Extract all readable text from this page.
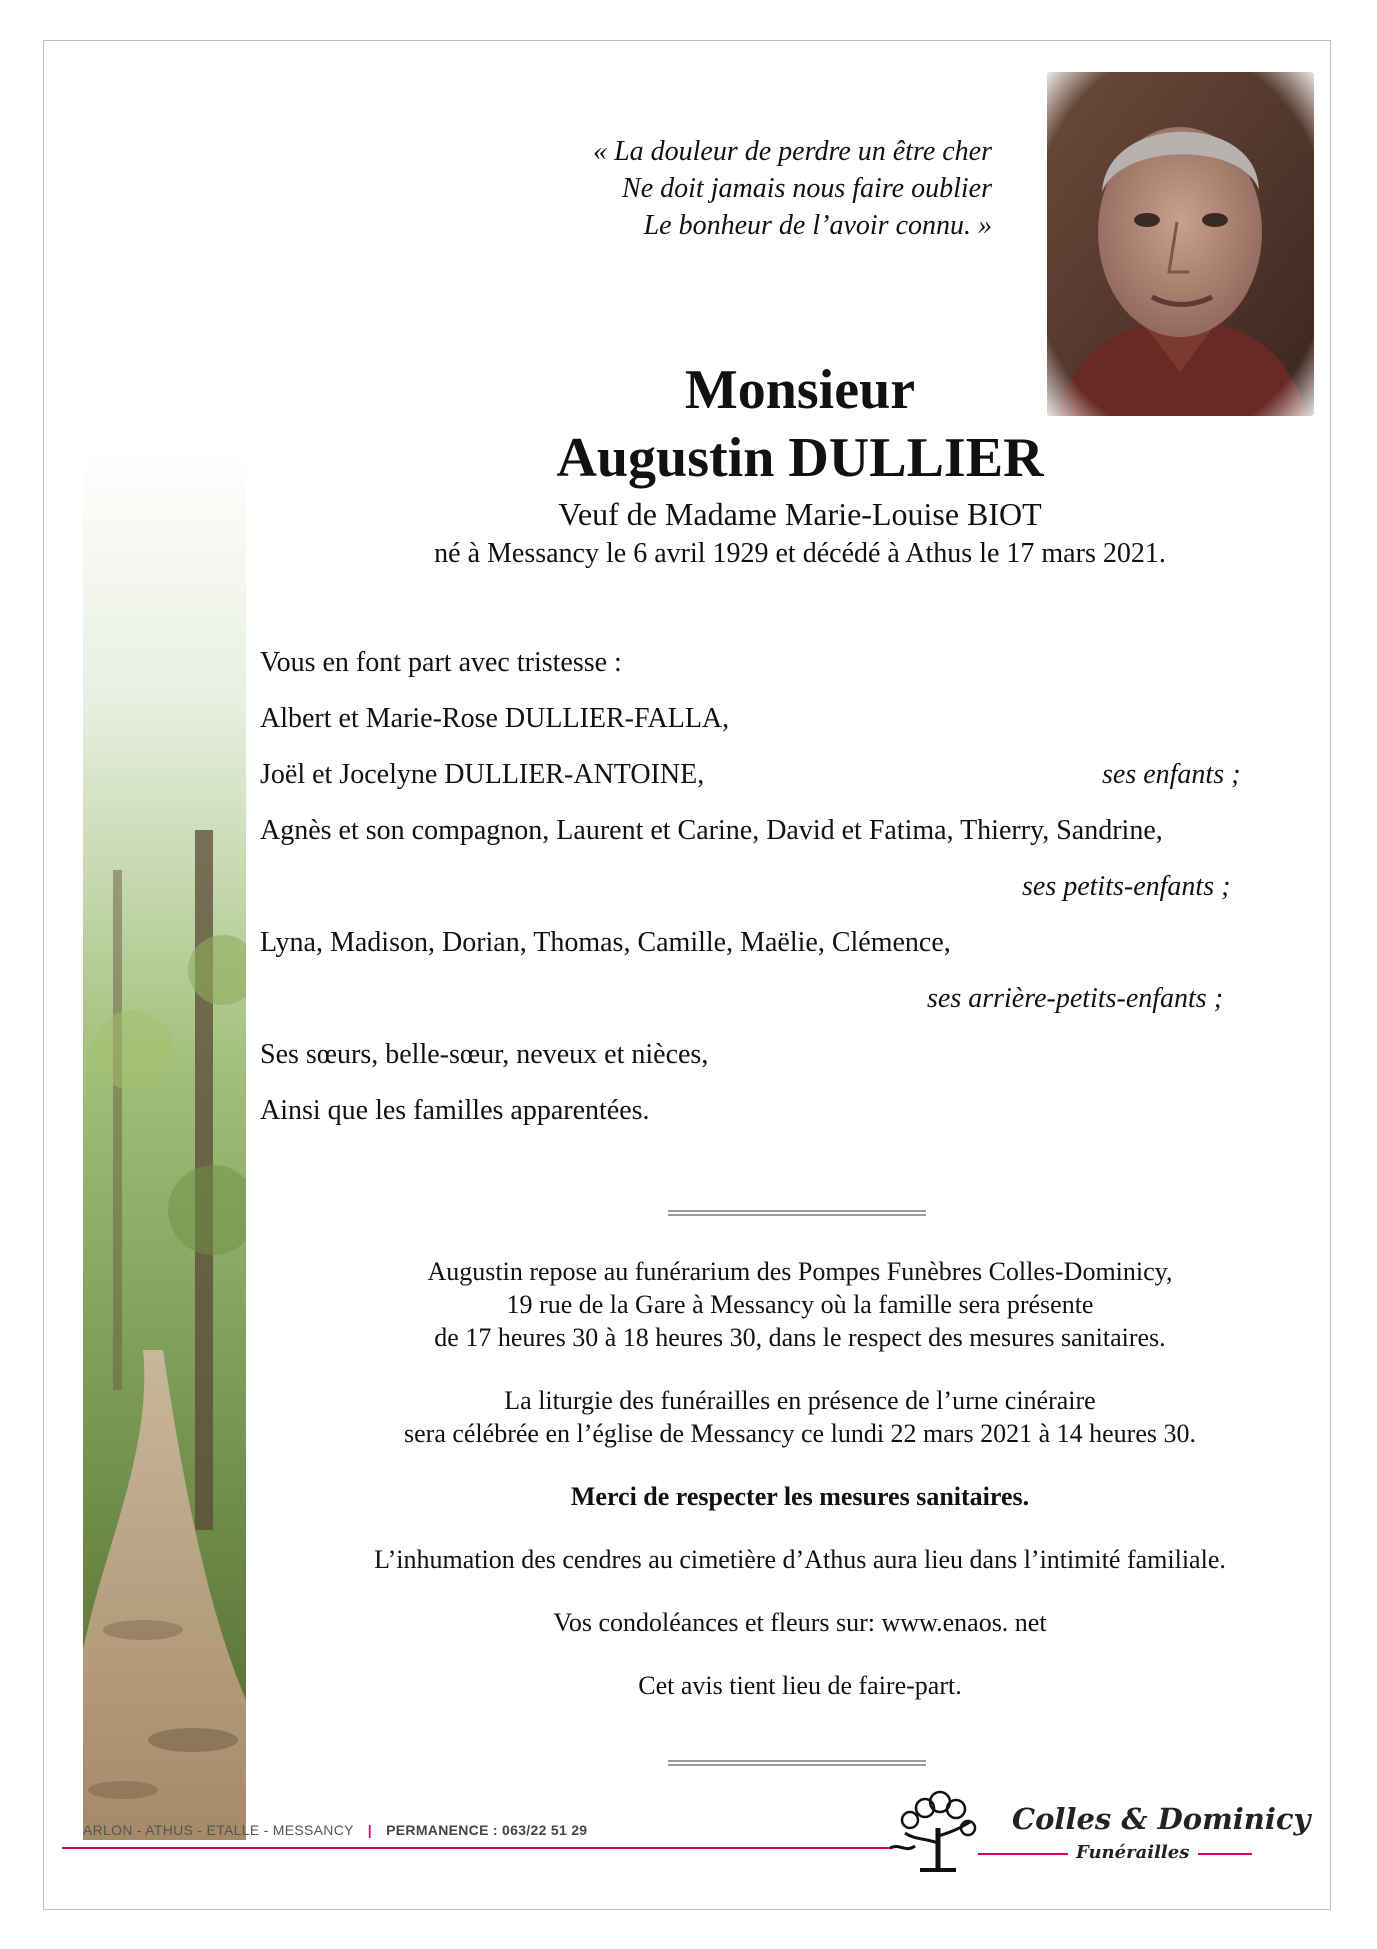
« La douleur de perdre un être cher
Ne doit jamais nous faire oublier
Le bonheur de l’avoir connu. »
Monsieur
Augustin DULLIER
Veuf de Madame Marie-Louise BIOT
né à Messancy le 6 avril 1929 et décédé à Athus le 17 mars 2021.
Vous en font part avec tristesse :
Albert et Marie-Rose DULLIER-FALLA,
Joël et Jocelyne DULLIER-ANTOINE,	ses enfants ;
Agnès et son compagnon, Laurent et Carine, David et Fatima, Thierry, Sandrine,
ses petits-enfants ;
Lyna, Madison, Dorian, Thomas, Camille, Maëlie, Clémence,
ses arrière-petits-enfants ;
Ses sœurs, belle-sœur, neveux et nièces,
Ainsi que les familles apparentées.

Augustin repose au funérarium des Pompes Funèbres Colles-Dominicy,

19 rue de la Gare à Messancy où la famille sera présente

de 17 heures 30 à 18 heures 30, dans le respect des mesures sanitaires.

La liturgie des funérailles en présence de l’urne cinéraire

sera célébrée en l’église de Messancy ce lundi 22 mars 2021 à 14 heures 30.

Merci de respecter les mesures sanitaires.

L’inhumation des cendres au cimetière d’Athus aura lieu dans l’intimité familiale.

Vos condoléances et fleurs sur: www.enaos. net

Cet avis tient lieu de faire-part.

ARLON - ATHUS - ETALLE - MESSANCY | PERMANENCE : 063/22 51 29	Colles & Dominicy
Funérailles
